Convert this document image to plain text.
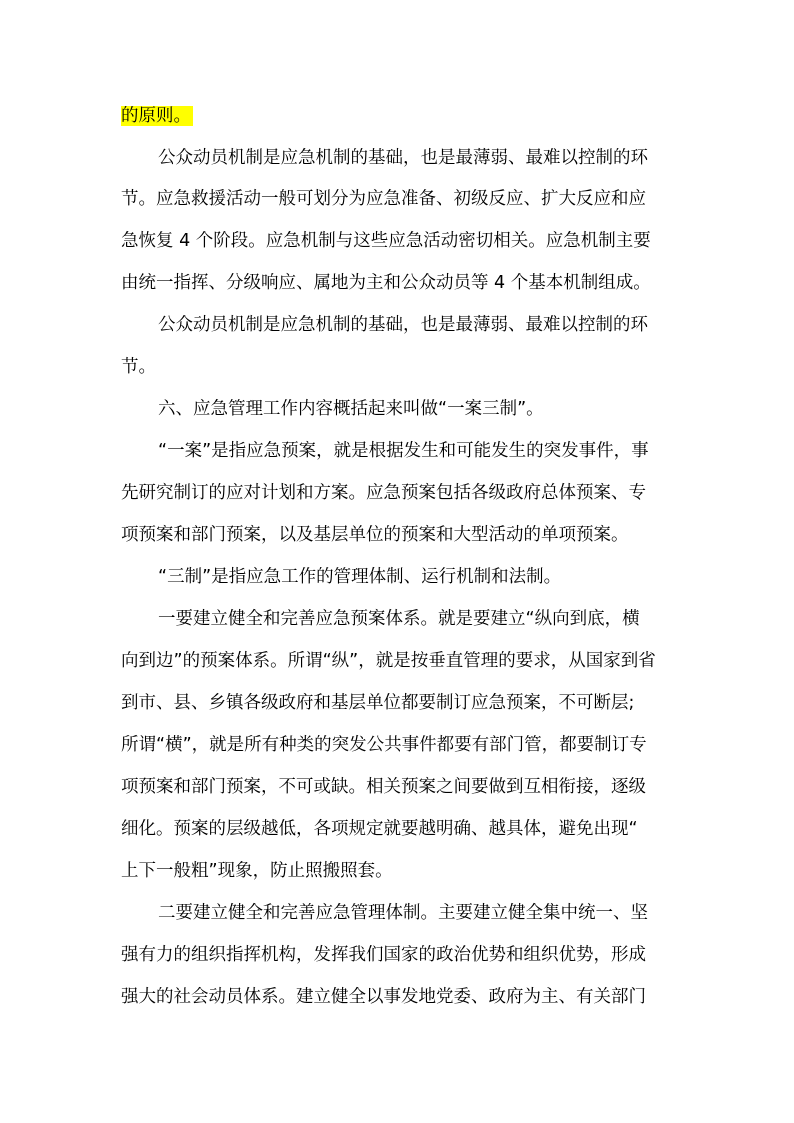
的原则。
公众动员机制是应急机制的基础，也是最薄弱、最难以控制的环
节。应急救援活动一般可划分为应急准备、初级反应、扩大反应和应
急恢复 4 个阶段。应急机制与这些应急活动密切相关。应急机制主要
由统一指挥、分级响应、属地为主和公众动员等 4 个基本机制组成。
公众动员机制是应急机制的基础，也是最薄弱、最难以控制的环
节。
六、应急管理工作内容概括起来叫做“一案三制”。
“一案”是指应急预案，就是根据发生和可能发生的突发事件，事
先研究制订的应对计划和方案。应急预案包括各级政府总体预案、专
项预案和部门预案，以及基层单位的预案和大型活动的单项预案。
“三制”是指应急工作的管理体制、运行机制和法制。
一要建立健全和完善应急预案体系。就是要建立“纵向到底，横
向到边”的预案体系。所谓“纵”，就是按垂直管理的要求，从国家到省
到市、县、乡镇各级政府和基层单位都要制订应急预案，不可断层;
所谓“横”，就是所有种类的突发公共事件都要有部门管，都要制订专
项预案和部门预案，不可或缺。相关预案之间要做到互相衔接，逐级
细化。预案的层级越低，各项规定就要越明确、越具体，避免出现“
上下一般粗”现象，防止照搬照套。
二要建立健全和完善应急管理体制。主要建立健全集中统一、坚
强有力的组织指挥机构，发挥我们国家的政治优势和组织优势，形成
强大的社会动员体系。建立健全以事发地党委、政府为主、有关部门
